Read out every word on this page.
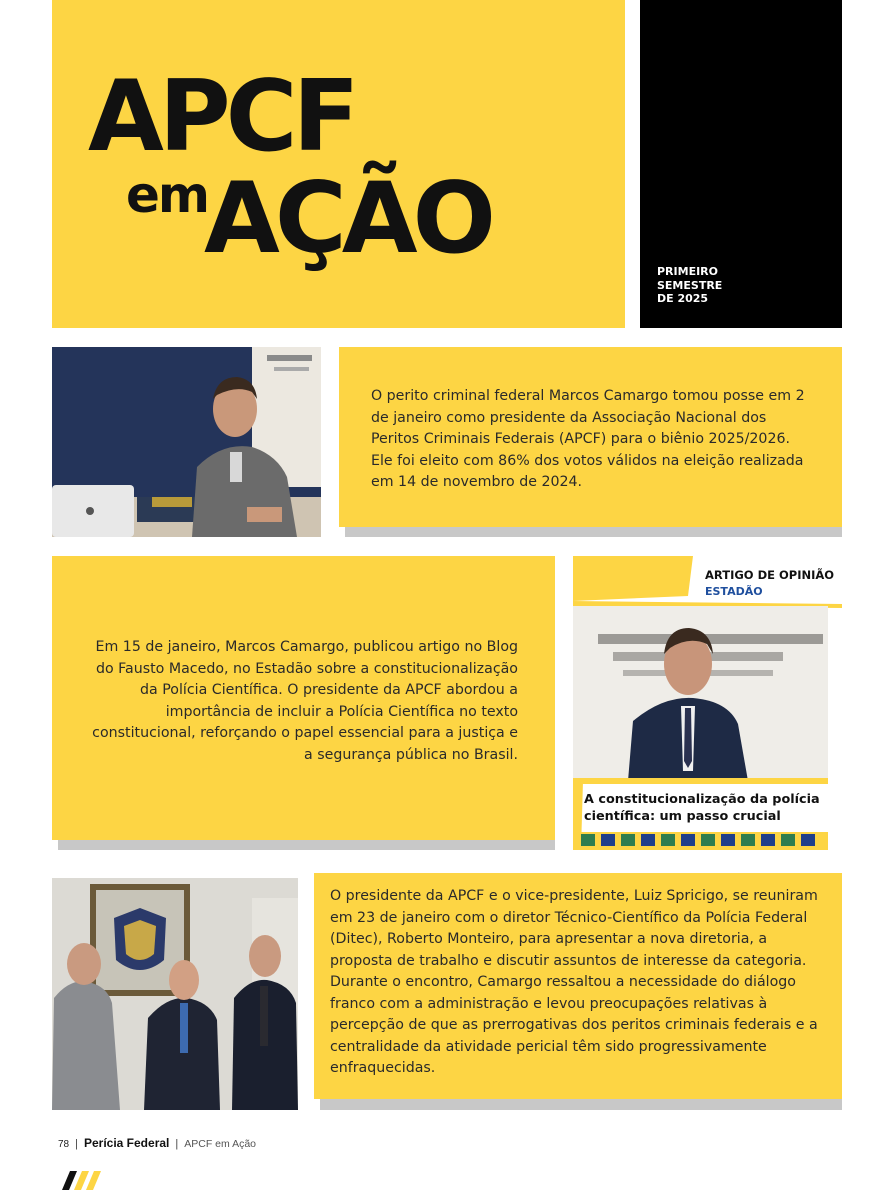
APCF
em
AÇÃO	PRIMEIRO
SEMESTRE
DE 2025

O perito criminal federal Marcos Camargo tomou posse em 2 de janeiro como presidente da Associação Nacional dos Peritos Criminais Federais (APCF) para o biênio 2025/2026. Ele foi eleito com 86% dos votos válidos na eleição realizada em 14 de novembro de 2024.

Em 15 de janeiro, Marcos Camargo, publicou artigo no Blog do Fausto Macedo, no Estadão sobre a constitucionalização da Polícia Científica. O presidente da APCF abordou a importância de incluir a Polícia Científica no texto constitucional, reforçando o papel essencial para a justiça e a segurança pública no Brasil.

ARTIGO DE OPINIÃO
ESTADÃO
A constitucionalização da polícia científica: um passo crucial

O presidente da APCF e o vice-presidente, Luiz Spricigo, se reuniram em 23 de janeiro com o diretor Técnico-Científico da Polícia Federal (Ditec), Roberto Monteiro, para apresentar a nova diretoria, a proposta de trabalho e discutir assuntos de interesse da categoria. Durante o encontro, Camargo ressaltou a necessidade do diálogo franco com a administração e levou preocupações relativas à percepção de que as prerrogativas dos peritos criminais federais e a centralidade da atividade pericial têm sido progressivamente enfraquecidas.

78 | Perícia Federal | APCF em Ação
